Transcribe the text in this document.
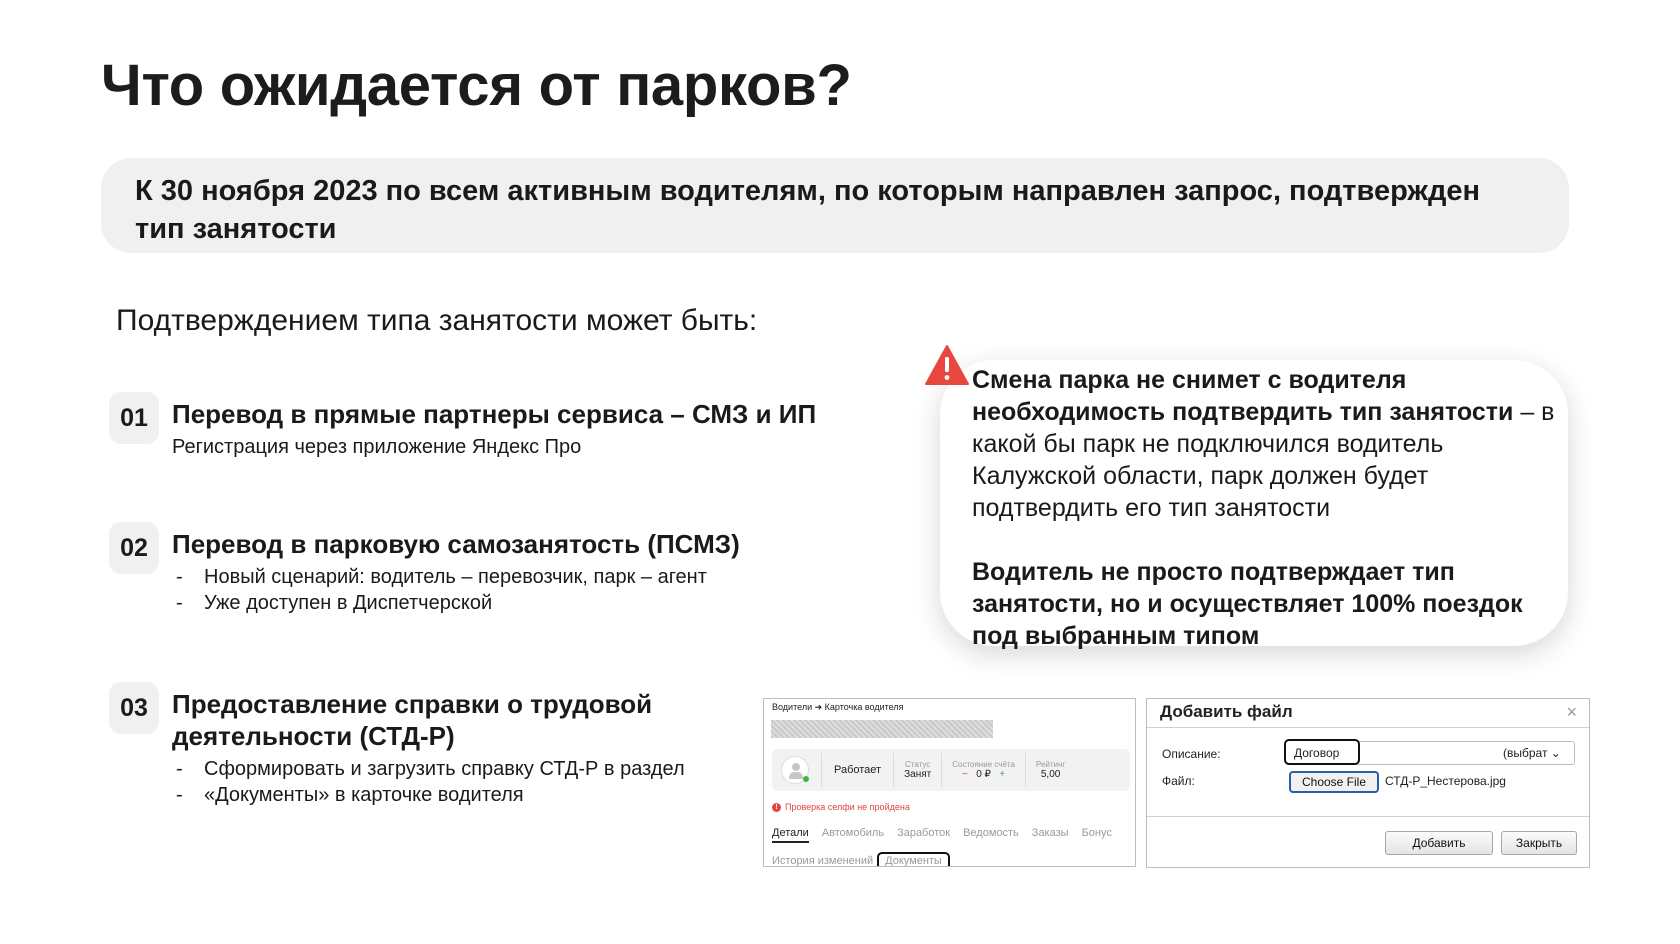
Что ожидается от парков?
К 30 ноября 2023 по всем активным водителям, по которым направлен запрос, подтвержден тип занятости
Подтверждением типа занятости может быть:
01 Перевод в прямые партнеры сервиса – СМЗ и ИП
Регистрация через приложение Яндекс Про
02 Перевод в парковую самозанятость (ПСМЗ)
- Новый сценарий: водитель – перевозчик, парк – агент
- Уже доступен в Диспетчерской
03 Предоставление справки о трудовой
деятельности (СТД-Р)
- Сформировать и загрузить справку СТД-Р в раздел
- «Документы» в карточке водителя

Смена парка не снимет с водителя необходимость подтвердить тип занятости – в какой бы парк не подключился водитель Калужской области, парк должен будет подтвердить его тип занятости

Водитель не просто подтверждает тип занятости, но и осуществляет 100% поездок под выбранным типом

Водители ➔ Карточка водителя
Работает	Статус
Занят
Состояние счёта
− 0 ₽ +
Рейтинг
5,00
! Проверка селфи не пройдена
Детали Автомобиль Заработок Ведомость Заказы Бонус
История изменений	Документы
Добавить файл	×
Описание:	Договор	(выбрат ⌄
Файл:	Choose File	СТД-Р_Нестерова.jpg
Добавить	Закрыть
